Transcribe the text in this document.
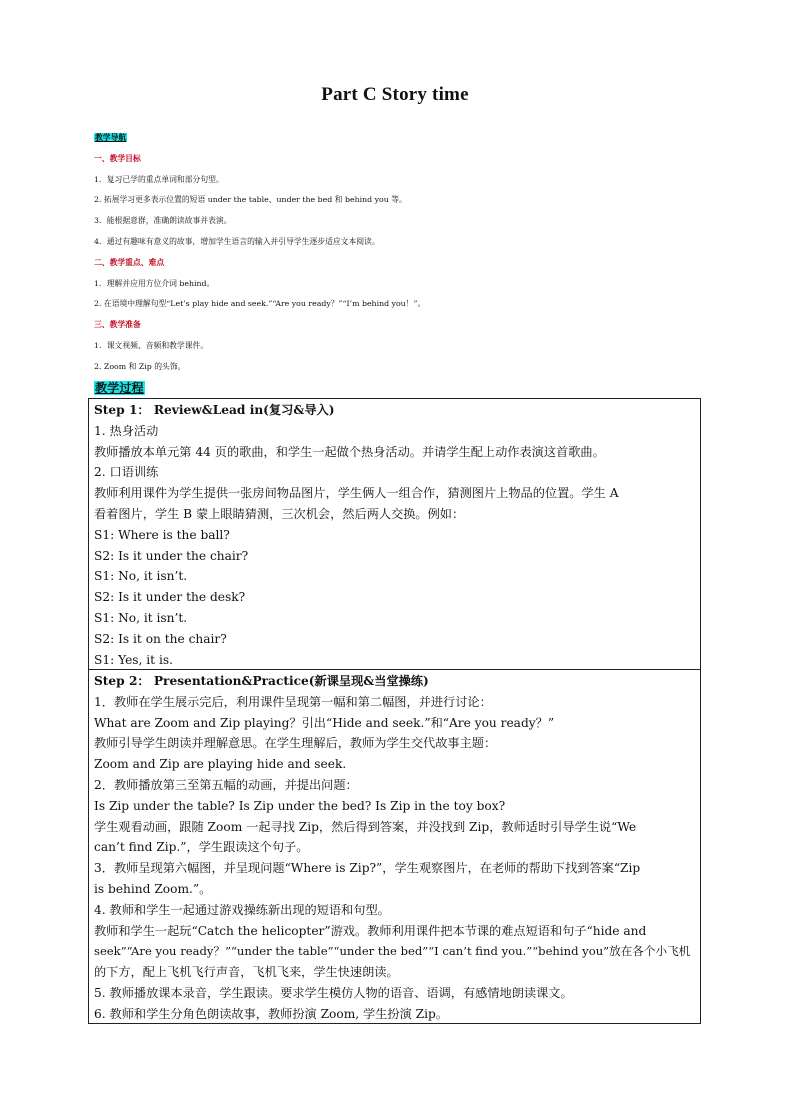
Part C Story time
教学导航
一、教学目标
1．复习已学的重点单词和部分句型。
2. 拓展学习更多表示位置的短语 under the table、under the bed 和 behind you 等。
3．能根据意群，准确朗读故事并表演。
4．通过有趣味有意义的故事，增加学生语言的输入并引导学生逐步适应文本阅读。
二、教学重点、难点
1．理解并应用方位介词 behind。
2. 在语境中理解句型“Let’s play hide and seek.”“Are you ready？”“I’m behind you！”。
三、教学准备
1．课文视频、音频和教学课件。
2. Zoom 和 Zip 的头饰。
教学过程
Step 1： Review&Lead in(复习&导入)
1. 热身活动
教师播放本单元第 44 页的歌曲，和学生一起做个热身活动。并请学生配上动作表演这首歌曲。
2. 口语训练
教师利用课件为学生提供一张房间物品图片，学生俩人一组合作，猜测图片上物品的位置。学生 A
看着图片，学生 B 蒙上眼睛猜测，三次机会，然后两人交换。例如：
S1: Where is the ball?
S2: Is it under the chair?
S1: No, it isn’t.
S2: Is it under the desk?
S1: No, it isn’t.
S2: Is it on the chair?
S1: Yes, it is.
Step 2： Presentation&Practice(新课呈现&当堂操练)
1．教师在学生展示完后，利用课件呈现第一幅和第二幅图，并进行讨论：
What are Zoom and Zip playing？引出“Hide and seek.”和“Are you ready？”
教师引导学生朗读并理解意思。在学生理解后，教师为学生交代故事主题：
Zoom and Zip are playing hide and seek.
2．教师播放第三至第五幅的动画，并提出问题：
Is Zip under the table? Is Zip under the bed? Is Zip in the toy box?
学生观看动画，跟随 Zoom 一起寻找 Zip，然后得到答案，并没找到 Zip，教师适时引导学生说“We
can’t find Zip.”，学生跟读这个句子。
3．教师呈现第六幅图，并呈现问题“Where is Zip?”，学生观察图片，在老师的帮助下找到答案“Zip
is behind Zoom.”。
4. 教师和学生一起通过游戏操练新出现的短语和句型。
教师和学生一起玩“Catch the helicopter”游戏。教师利用课件把本节课的难点短语和句子“hide and
seek”“Are you ready？”“under the table”“under the bed”“I can’t find you.”“behind you”放在各个小飞机
的下方，配上飞机飞行声音，飞机飞来，学生快速朗读。
5. 教师播放课本录音，学生跟读。要求学生模仿人物的语音、语调，有感情地朗读课文。
6. 教师和学生分角色朗读故事，教师扮演 Zoom, 学生扮演 Zip。
